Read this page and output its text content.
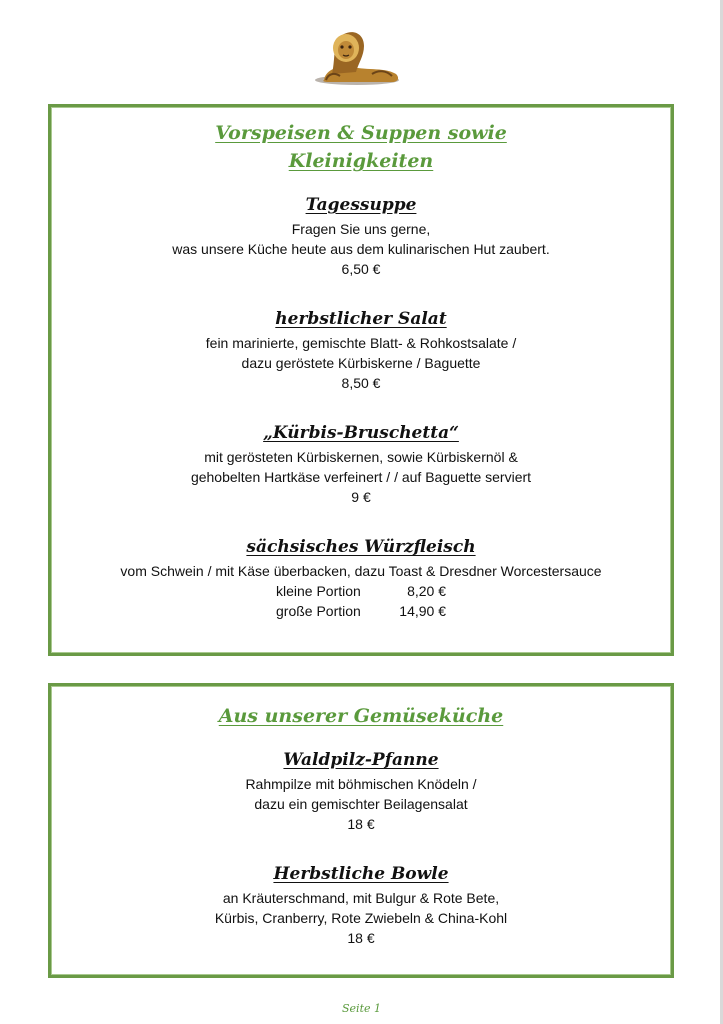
Vorspeisen & Suppen sowie

Kleinigkeiten

Tagessuppe

Fragen Sie uns gerne,

was unsere Küche heute aus dem kulinarischen Hut zaubert.

6,50 €

herbstlicher Salat

fein marinierte, gemischte Blatt- & Rohkostsalate /

dazu geröstete Kürbiskerne / Baguette

8,50 €

„Kürbis-Bruschetta“

mit gerösteten Kürbiskernen, sowie Kürbiskernöl &

gehobelten Hartkäse verfeinert / / auf Baguette serviert

9 €

sächsisches Würzfleisch

vom Schwein / mit Käse überbacken, dazu Toast & Dresdner Worcestersauce

kleine Portion	8,20 €
große Portion	14,90 €

Aus unserer Gemüseküche

Waldpilz-Pfanne

Rahmpilze mit böhmischen Knödeln /

dazu ein gemischter Beilagensalat

18 €

Herbstliche Bowle

an Kräuterschmand, mit Bulgur & Rote Bete,

Kürbis, Cranberry, Rote Zwiebeln & China-Kohl

18 €

Seite 1
